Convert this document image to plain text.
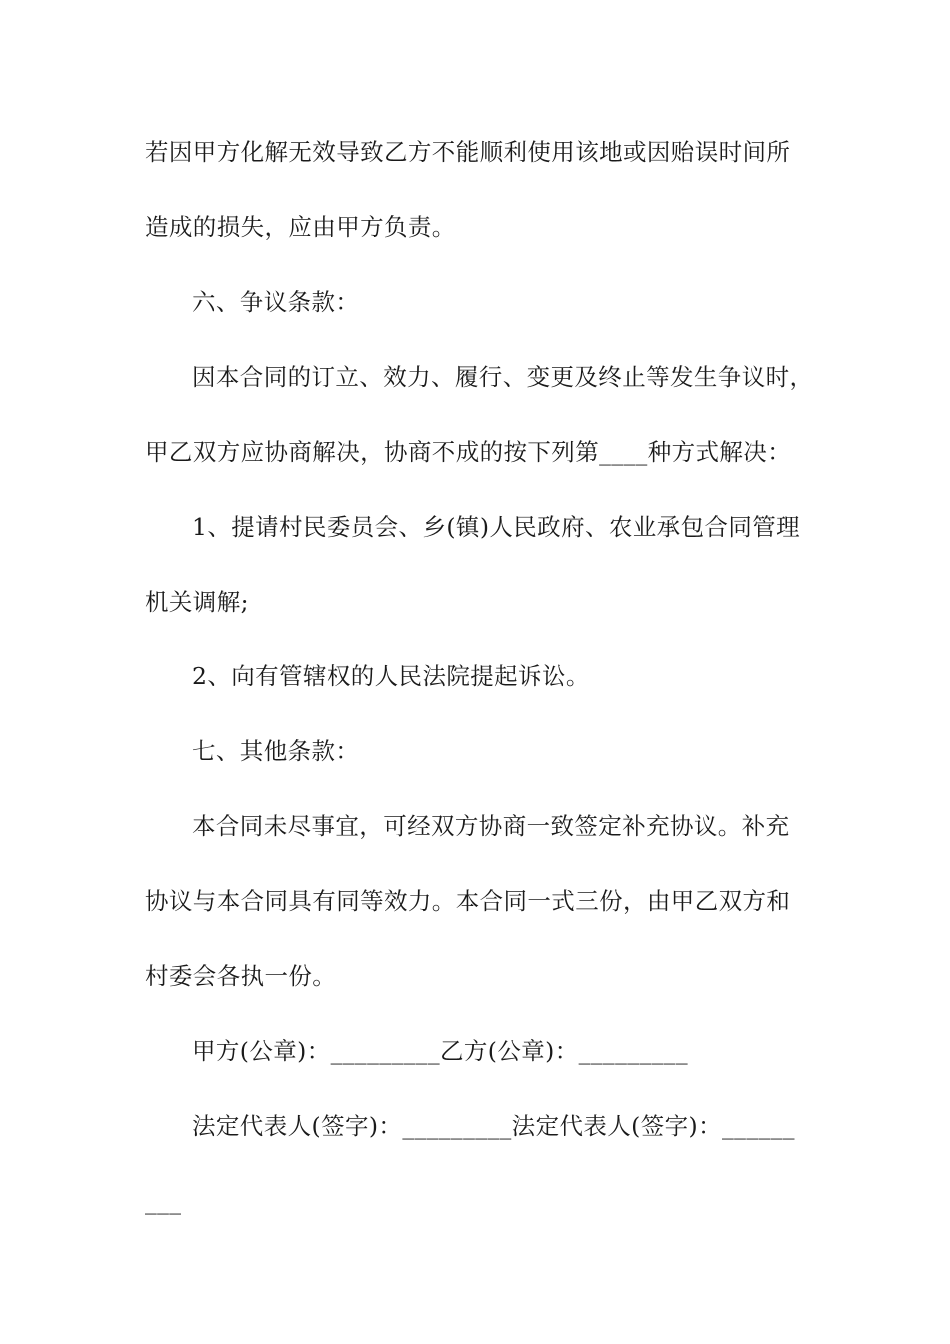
若因甲方化解无效导致乙方不能顺利使用该地或因贻误时间所
造成的损失，应由甲方负责。
六、争议条款：
因本合同的订立、效力、履行、变更及终止等发生争议时，
甲乙双方应协商解决，协商不成的按下列第____种方式解决：
1、提请村民委员会、乡(镇)人民政府、农业承包合同管理
机关调解;
2、向有管辖权的人民法院提起诉讼。
七、其他条款：
本合同未尽事宜，可经双方协商一致签定补充协议。补充
协议与本合同具有同等效力。本合同一式三份，由甲乙双方和
村委会各执一份。
甲方(公章)：_________乙方(公章)：_________
法定代表人(签字)：_________法定代表人(签字)：______
___
